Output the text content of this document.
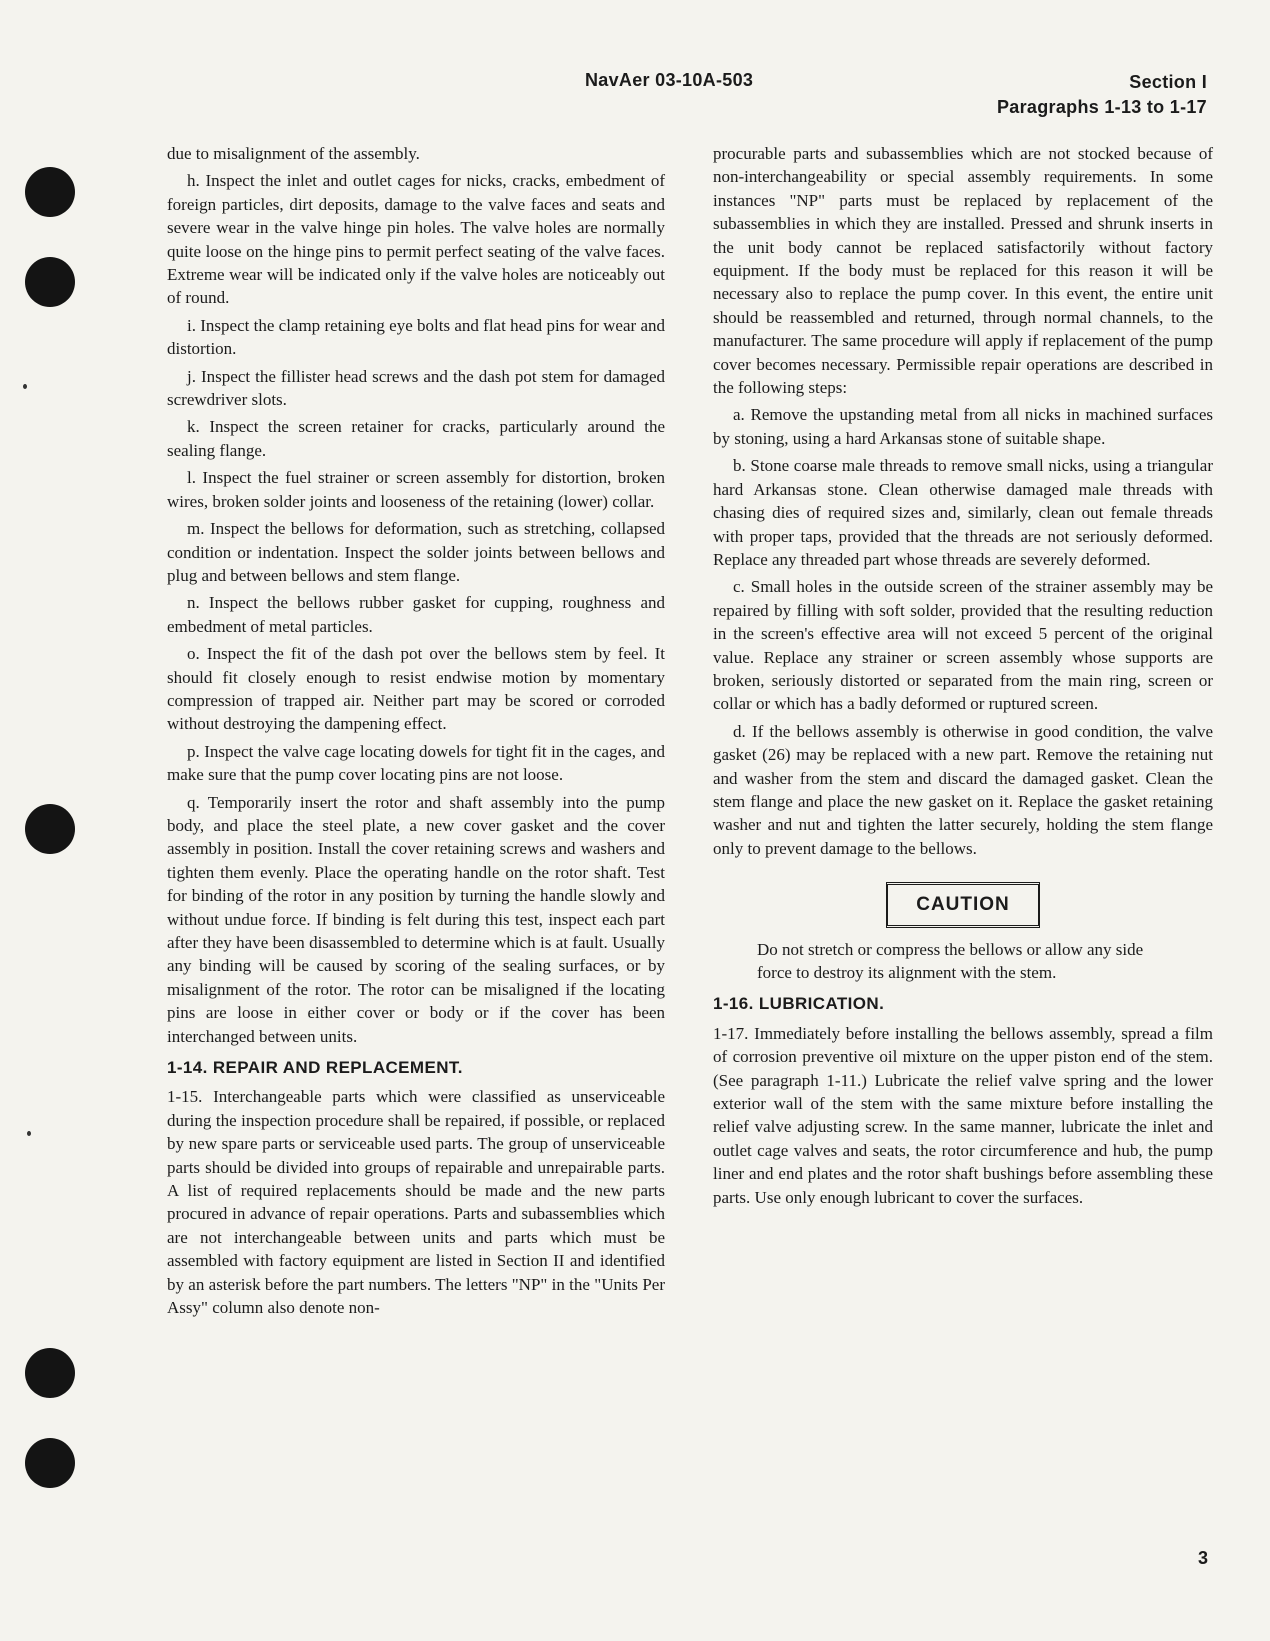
NavAer 03-10A-503	Section I
Paragraphs 1-13 to 1-17

due to misalignment of the assembly.

h. Inspect the inlet and outlet cages for nicks, cracks, embedment of foreign particles, dirt deposits, damage to the valve faces and seats and severe wear in the valve hinge pin holes. The valve holes are normally quite loose on the hinge pins to permit perfect seating of the valve faces. Extreme wear will be indicated only if the valve holes are noticeably out of round.

i. Inspect the clamp retaining eye bolts and flat head pins for wear and distortion.

j. Inspect the fillister head screws and the dash pot stem for damaged screwdriver slots.

k. Inspect the screen retainer for cracks, particularly around the sealing flange.

l. Inspect the fuel strainer or screen assembly for distortion, broken wires, broken solder joints and looseness of the retaining (lower) collar.

m. Inspect the bellows for deformation, such as stretching, collapsed condition or indentation. Inspect the solder joints between bellows and plug and between bellows and stem flange.

n. Inspect the bellows rubber gasket for cupping, roughness and embedment of metal particles.

o. Inspect the fit of the dash pot over the bellows stem by feel. It should fit closely enough to resist endwise motion by momentary compression of trapped air. Neither part may be scored or corroded without destroying the dampening effect.

p. Inspect the valve cage locating dowels for tight fit in the cages, and make sure that the pump cover locating pins are not loose.

q. Temporarily insert the rotor and shaft assembly into the pump body, and place the steel plate, a new cover gasket and the cover assembly in position. Install the cover retaining screws and washers and tighten them evenly. Place the operating handle on the rotor shaft. Test for binding of the rotor in any position by turning the handle slowly and without undue force. If binding is felt during this test, inspect each part after they have been disassembled to determine which is at fault. Usually any binding will be caused by scoring of the sealing surfaces, or by misalignment of the rotor. The rotor can be misaligned if the locating pins are loose in either cover or body or if the cover has been interchanged between units.

1-14. REPAIR AND REPLACEMENT.

1-15. Interchangeable parts which were classified as unserviceable during the inspection procedure shall be repaired, if possible, or replaced by new spare parts or serviceable used parts. The group of unserviceable parts should be divided into groups of repairable and unrepairable parts. A list of required replacements should be made and the new parts procured in advance of repair operations. Parts and subassemblies which are not interchangeable between units and parts which must be assembled with factory equipment are listed in Section II and identified by an asterisk before the part numbers. The letters "NP" in the "Units Per Assy" column also denote non-

procurable parts and subassemblies which are not stocked because of non-interchangeability or special assembly requirements. In some instances "NP" parts must be replaced by replacement of the subassemblies in which they are installed. Pressed and shrunk inserts in the unit body cannot be replaced satisfactorily without factory equipment. If the body must be replaced for this reason it will be necessary also to replace the pump cover. In this event, the entire unit should be reassembled and returned, through normal channels, to the manufacturer. The same procedure will apply if replacement of the pump cover becomes necessary. Permissible repair operations are described in the following steps:

a. Remove the upstanding metal from all nicks in machined surfaces by stoning, using a hard Arkansas stone of suitable shape.

b. Stone coarse male threads to remove small nicks, using a triangular hard Arkansas stone. Clean otherwise damaged male threads with chasing dies of required sizes and, similarly, clean out female threads with proper taps, provided that the threads are not seriously deformed. Replace any threaded part whose threads are severely deformed.

c. Small holes in the outside screen of the strainer assembly may be repaired by filling with soft solder, provided that the resulting reduction in the screen's effective area will not exceed 5 percent of the original value. Replace any strainer or screen assembly whose supports are broken, seriously distorted or separated from the main ring, screen or collar or which has a badly deformed or ruptured screen.

d. If the bellows assembly is otherwise in good condition, the valve gasket (26) may be replaced with a new part. Remove the retaining nut and washer from the stem and discard the damaged gasket. Clean the stem flange and place the new gasket on it. Replace the gasket retaining washer and nut and tighten the latter securely, holding the stem flange only to prevent damage to the bellows.

CAUTION

Do not stretch or compress the bellows or allow any side force to destroy its alignment with the stem.

1-16. LUBRICATION.

1-17. Immediately before installing the bellows assembly, spread a film of corrosion preventive oil mixture on the upper piston end of the stem. (See paragraph 1-11.) Lubricate the relief valve spring and the lower exterior wall of the stem with the same mixture before installing the relief valve adjusting screw. In the same manner, lubricate the inlet and outlet cage valves and seats, the rotor circumference and hub, the pump liner and end plates and the rotor shaft bushings before assembling these parts. Use only enough lubricant to cover the surfaces.

3
